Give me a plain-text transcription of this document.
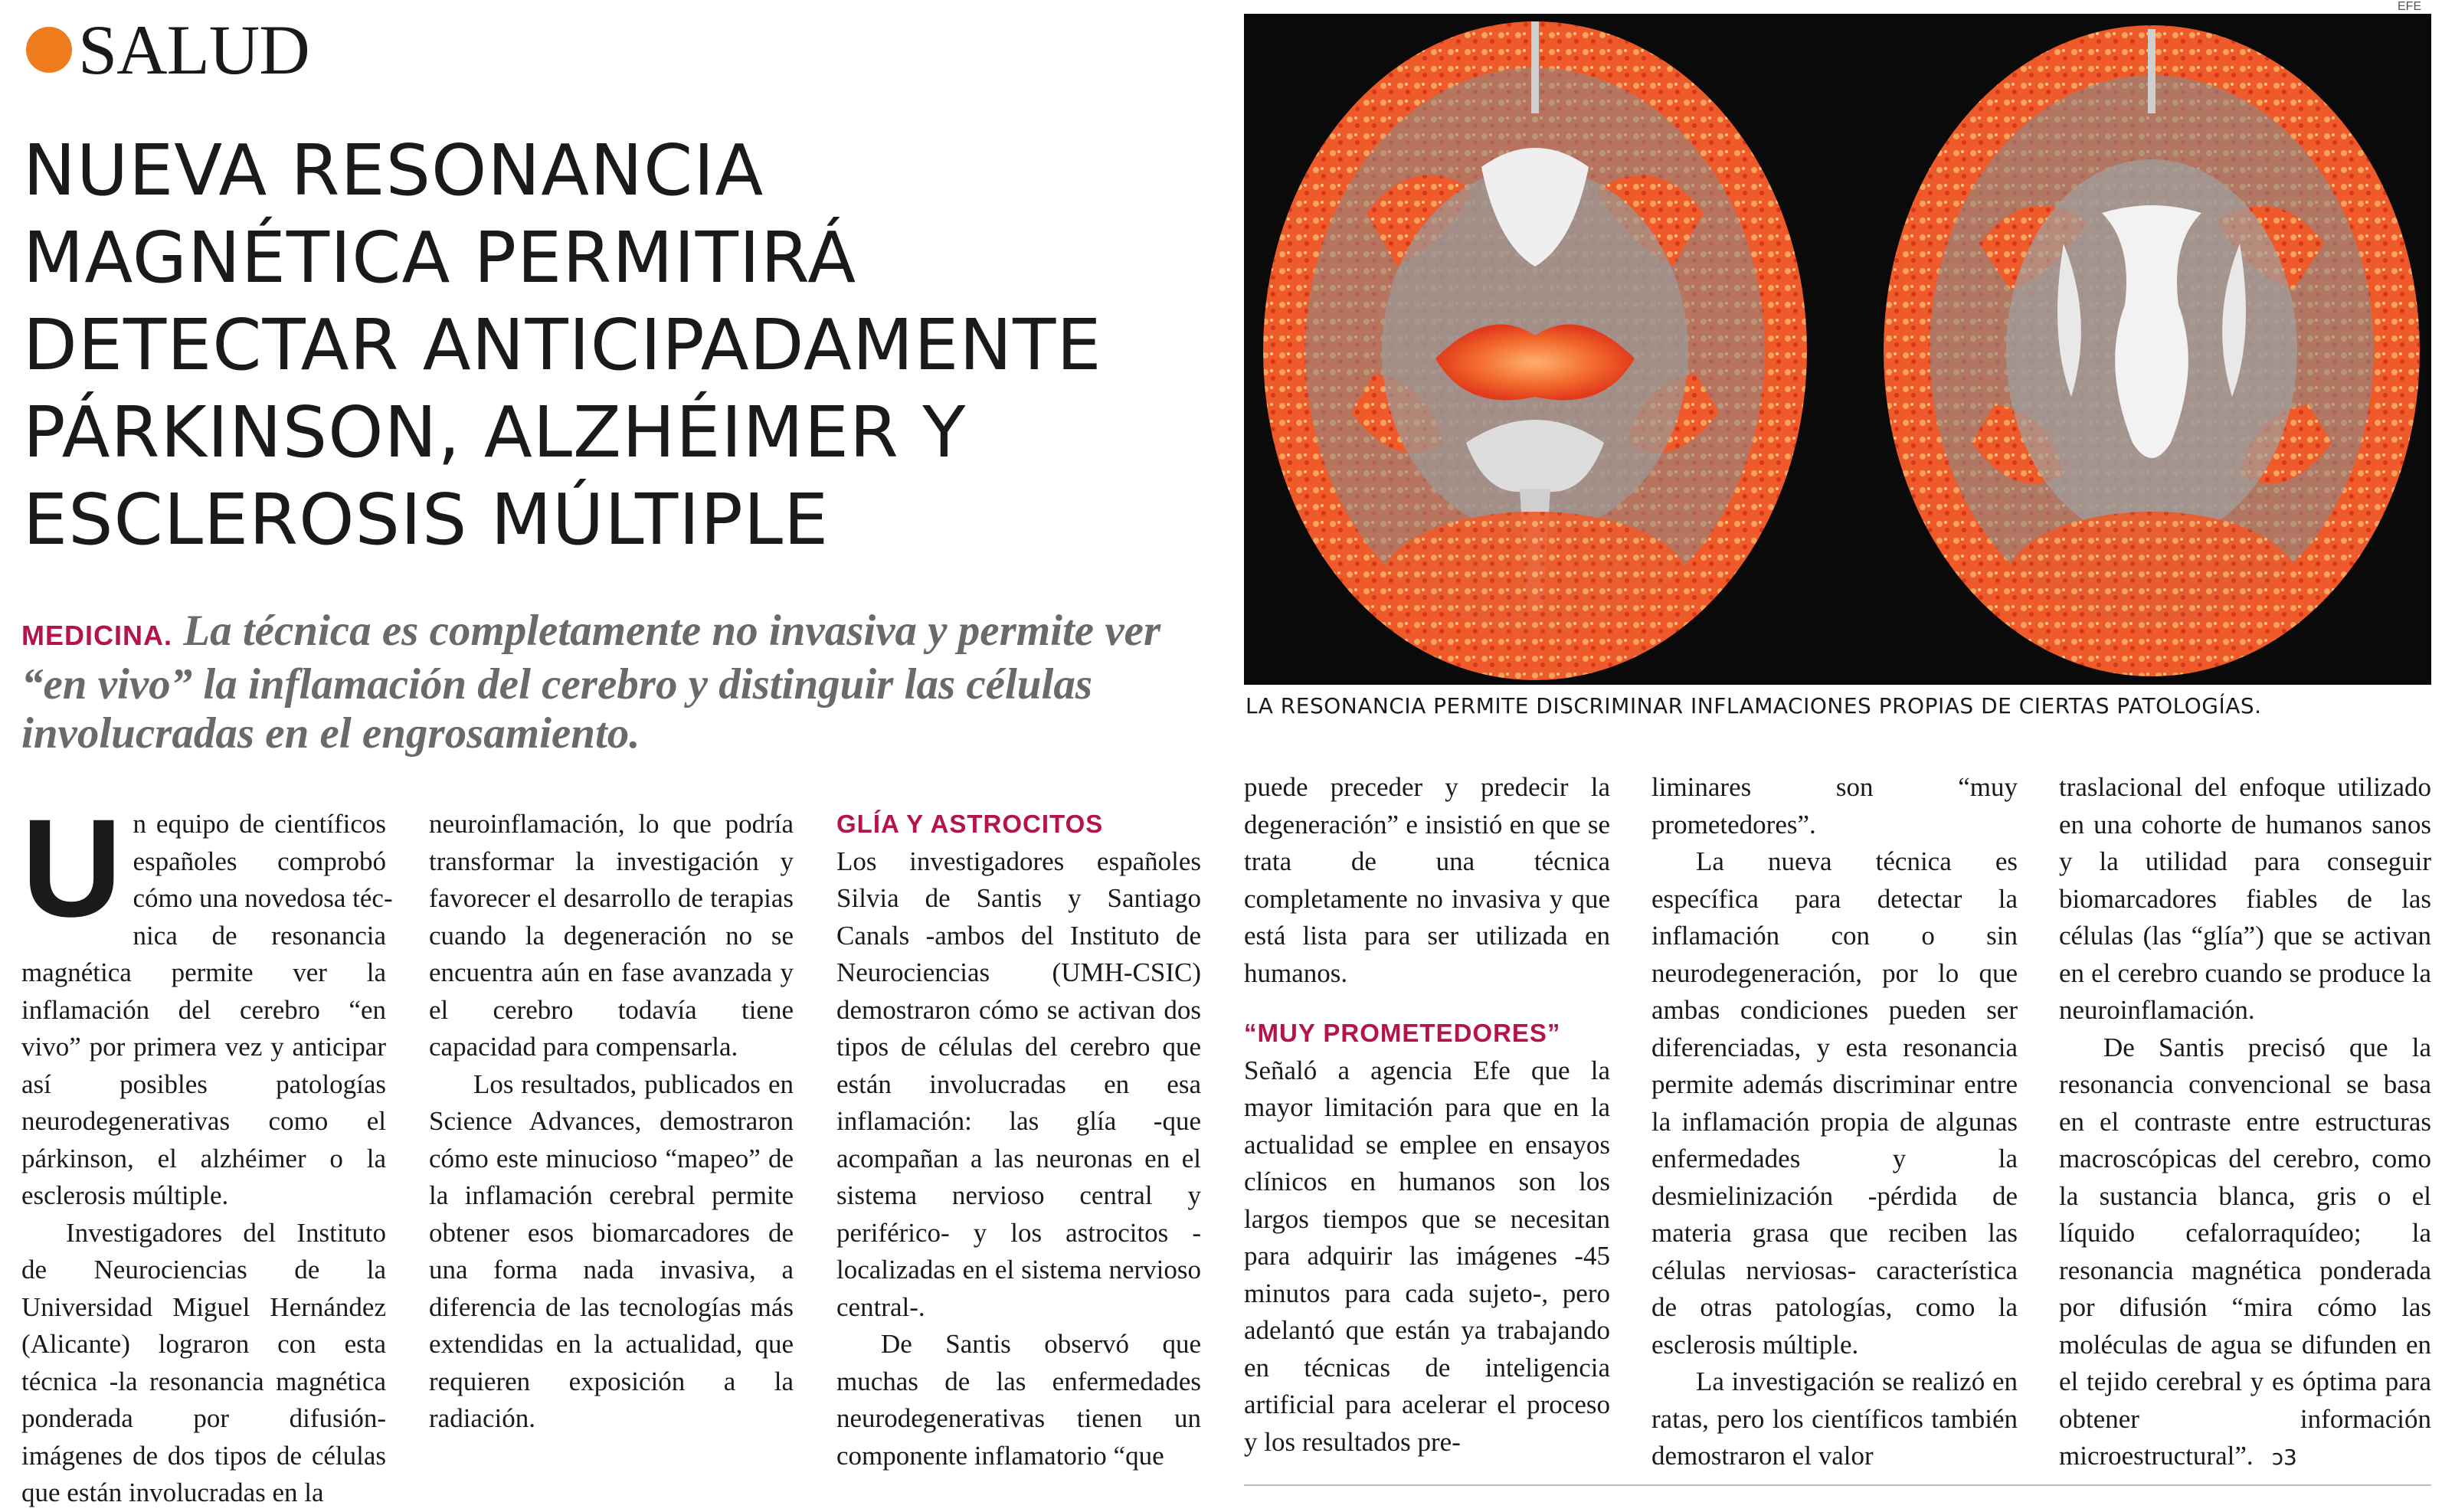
SALUD
NUEVA RESONANCIA
MAGNÉTICA PERMITIRÁ
DETECTAR ANTICIPADAMENTE
PÁRKINSON, ALZHÉIMER Y
ESCLEROSIS MÚLTIPLE
MEDICINA. La técnica es completamente no invasiva y permite ver “en vivo” la inflamación del cerebro y distinguir las células involucradas en el engrosamiento.
EFE
LA RESONANCIA PERMITE DISCRIMINAR INFLAMACIONES PROPIAS DE CIERTAS PATOLOGÍAS.
U n equipo de científicos
españoles comprobó
cómo una novedosa téc-

nica de resonancia magnética permite ver la inflamación del cerebro “en vivo” por primera vez y anticipar así posibles patologías neurodegenerativas como el párkinson, el alzhéimer o la esclerosis múltiple.

Investigadores del Instituto de Neurociencias de la Universidad Miguel Hernández (Alicante) lograron con esta técnica -la resonancia magnética ponderada por difusión- imágenes de dos tipos de células que están involucradas en la

neuroinflamación, lo que podría transformar la investigación y favorecer el desarrollo de terapias cuando la degeneración no se encuentra aún en fase avanzada y el cerebro todavía tiene capacidad para compensarla.

Los resultados, publicados en Science Advances, demostraron cómo este minucioso “mapeo” de la inflamación cerebral permite obtener esos biomarcadores de una forma nada invasiva, a diferencia de las tecnologías más extendidas en la actualidad, que requieren exposición a la radiación.

GLÍA Y ASTROCITOS

Los investigadores españoles Silvia de Santis y Santiago Canals -ambos del Instituto de Neurociencias (UMH-CSIC) demostraron cómo se activan dos tipos de células del cerebro que están involucradas en esa inflamación: las glía -que acompañan a las neuronas en el sistema nervioso central y periférico- y los astrocitos -localizadas en el sistema nervioso central-.

De Santis observó que muchas de las enfermedades neurodegenerativas tienen un componente inflamatorio “que

puede preceder y predecir la degeneración” e insistió en que se trata de una técnica completamente no invasiva y que está lista para ser utilizada en humanos.

“MUY PROMETEDORES”

Señaló a agencia Efe que la mayor limitación para que en la actualidad se emplee en ensayos clínicos en humanos son los largos tiempos que se necesitan para adquirir las imágenes -45 minutos para cada sujeto-, pero adelantó que están ya trabajando en técnicas de inteligencia artificial para acelerar el proceso y los resultados pre-

liminares son “muy prometedores”.

La nueva técnica es específica para detectar la inflamación con o sin neurodegeneración, por lo que ambas condiciones pueden ser diferenciadas, y esta resonancia permite además discriminar entre la inflamación propia de algunas enfermedades y la desmielinización -pérdida de materia grasa que reciben las células nerviosas- característica de otras patologías, como la esclerosis múltiple.

La investigación se realizó en ratas, pero los científicos también demostraron el valor

traslacional del enfoque utilizado en una cohorte de humanos sanos y la utilidad para conseguir biomarcadores fiables de las células (las “glía”) que se activan en el cerebro cuando se produce la neuroinflamación.

De Santis precisó que la resonancia convencional se basa en el contraste entre estructuras macroscópicas del cerebro, como la sustancia blanca, gris o el líquido cefalorraquídeo; la resonancia magnética ponderada por difusión “mira cómo las moléculas de agua se difunden en el tejido cerebral y es óptima para obtener información microestructural”. ↄ3
